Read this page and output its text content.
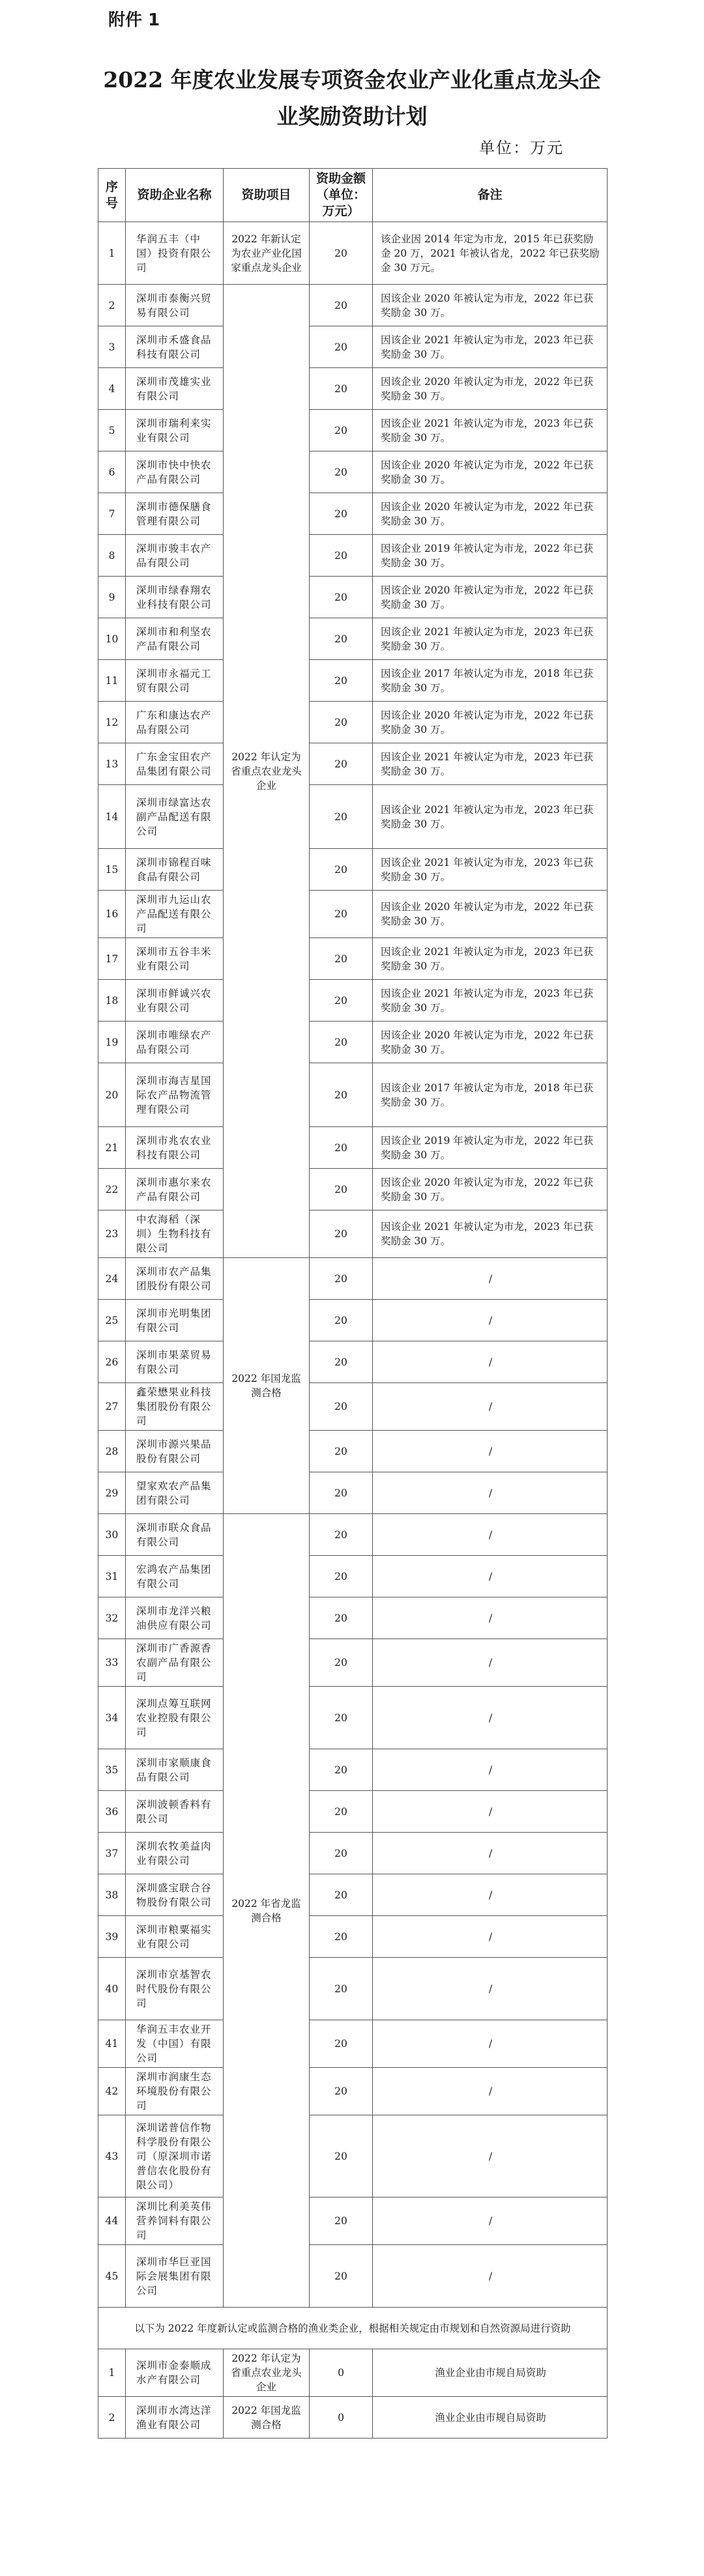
附件 1
2022 年度农业发展专项资金农业产业化重点龙头企业奖励资助计划
单位：万元
序号	资助企业名称	资助项目	资助金额（单位：万元）	备注
1	华润五丰（中国）投资有限公司	2022 年新认定为农业产业化国家重点龙头企业	20	该企业因 2014 年定为市龙，2015 年已获奖励金 20 万，2021 年被认省龙，2022 年已获奖励金 30 万元。
2	深圳市泰衡兴贸易有限公司	2022 年认定为省重点农业龙头企业	20	因该企业 2020 年被认定为市龙，2022 年已获奖励金 30 万。
3	深圳市禾盛食品科技有限公司		20	因该企业 2021 年被认定为市龙，2023 年已获奖励金 30 万。
4	深圳市茂雄实业有限公司		20	因该企业 2020 年被认定为市龙，2022 年已获奖励金 30 万。
5	深圳市瑞利来实业有限公司		20	因该企业 2021 年被认定为市龙，2023 年已获奖励金 30 万。
6	深圳市快中快农产品有限公司		20	因该企业 2020 年被认定为市龙，2022 年已获奖励金 30 万。
7	深圳市德保膳食管理有限公司		20	因该企业 2020 年被认定为市龙，2022 年已获奖励金 30 万。
8	深圳市骏丰农产品有限公司		20	因该企业 2019 年被认定为市龙，2022 年已获奖励金 30 万。
9	深圳市绿春翔农业科技有限公司		20	因该企业 2020 年被认定为市龙，2022 年已获奖励金 30 万。
10	深圳市和利坚农产品有限公司		20	因该企业 2021 年被认定为市龙，2023 年已获奖励金 30 万。
11	深圳市永福元工贸有限公司		20	因该企业 2017 年被认定为市龙，2018 年已获奖励金 30 万。
12	广东和康达农产品有限公司		20	因该企业 2020 年被认定为市龙，2022 年已获奖励金 30 万。
13	广东金宝田农产品集团有限公司		20	因该企业 2021 年被认定为市龙，2023 年已获奖励金 30 万。
14	深圳市绿富达农副产品配送有限公司		20	因该企业 2021 年被认定为市龙，2023 年已获奖励金 30 万。
15	深圳市锦程百味食品有限公司		20	因该企业 2021 年被认定为市龙，2023 年已获奖励金 30 万。
16	深圳市九运山农产品配送有限公司		20	因该企业 2020 年被认定为市龙，2022 年已获奖励金 30 万。
17	深圳市五谷丰米业有限公司		20	因该企业 2021 年被认定为市龙，2023 年已获奖励金 30 万。
18	深圳市鲜诚兴农业有限公司		20	因该企业 2021 年被认定为市龙，2023 年已获奖励金 30 万。
19	深圳市唯绿农产品有限公司		20	因该企业 2020 年被认定为市龙，2022 年已获奖励金 30 万。
20	深圳市海吉星国际农产品物流管理有限公司		20	因该企业 2017 年被认定为市龙，2018 年已获奖励金 30 万。
21	深圳市兆农农业科技有限公司		20	因该企业 2019 年被认定为市龙，2022 年已获奖励金 30 万。
22	深圳市惠尔来农产品有限公司		20	因该企业 2020 年被认定为市龙，2022 年已获奖励金 30 万。
23	中农海稻（深圳）生物科技有限公司		20	因该企业 2021 年被认定为市龙，2023 年已获奖励金 30 万。
24	深圳市农产品集团股份有限公司	2022 年国龙监测合格	20	/
25	深圳市光明集团有限公司		20	/
26	深圳市果菜贸易有限公司		20	/
27	鑫荣懋果业科技集团股份有限公司		20	/
28	深圳市源兴果品股份有限公司		20	/
29	望家欢农产品集团有限公司		20	/
30	深圳市联众食品有限公司	2022 年省龙监测合格	20	/
31	宏鸿农产品集团有限公司		20	/
32	深圳市龙洋兴粮油供应有限公司		20	/
33	深圳市广香源香农副产品有限公司		20	/
34	深圳点筹互联网农业控股有限公司		20	/
35	深圳市家顺康食品有限公司		20	/
36	深圳波顿香料有限公司		20	/
37	深圳农牧美益肉业有限公司		20	/
38	深圳盛宝联合谷物股份有限公司		20	/
39	深圳市粮粟福实业有限公司		20	/
40	深圳市京基智农时代股份有限公司		20	/
41	华润五丰农业开发（中国）有限公司		20	/
42	深圳市润康生态环境股份有限公司		20	/
43	深圳诺普信作物科学股份有限公司（原深圳市诺普信农化股份有限公司）		20	/
44	深圳比利美英伟营养饲料有限公司		20	/
45	深圳市华巨亚国际会展集团有限公司		20	/
以下为 2022 年度新认定或监测合格的渔业类企业，根据相关规定由市规划和自然资源局进行资助				
1	深圳市金泰顺成水产有限公司	2022 年认定为省重点农业龙头企业	0	渔业企业由市规自局资助
2	深圳市水湾达洋渔业有限公司	2022 年国龙监测合格	0	渔业企业由市规自局资助
